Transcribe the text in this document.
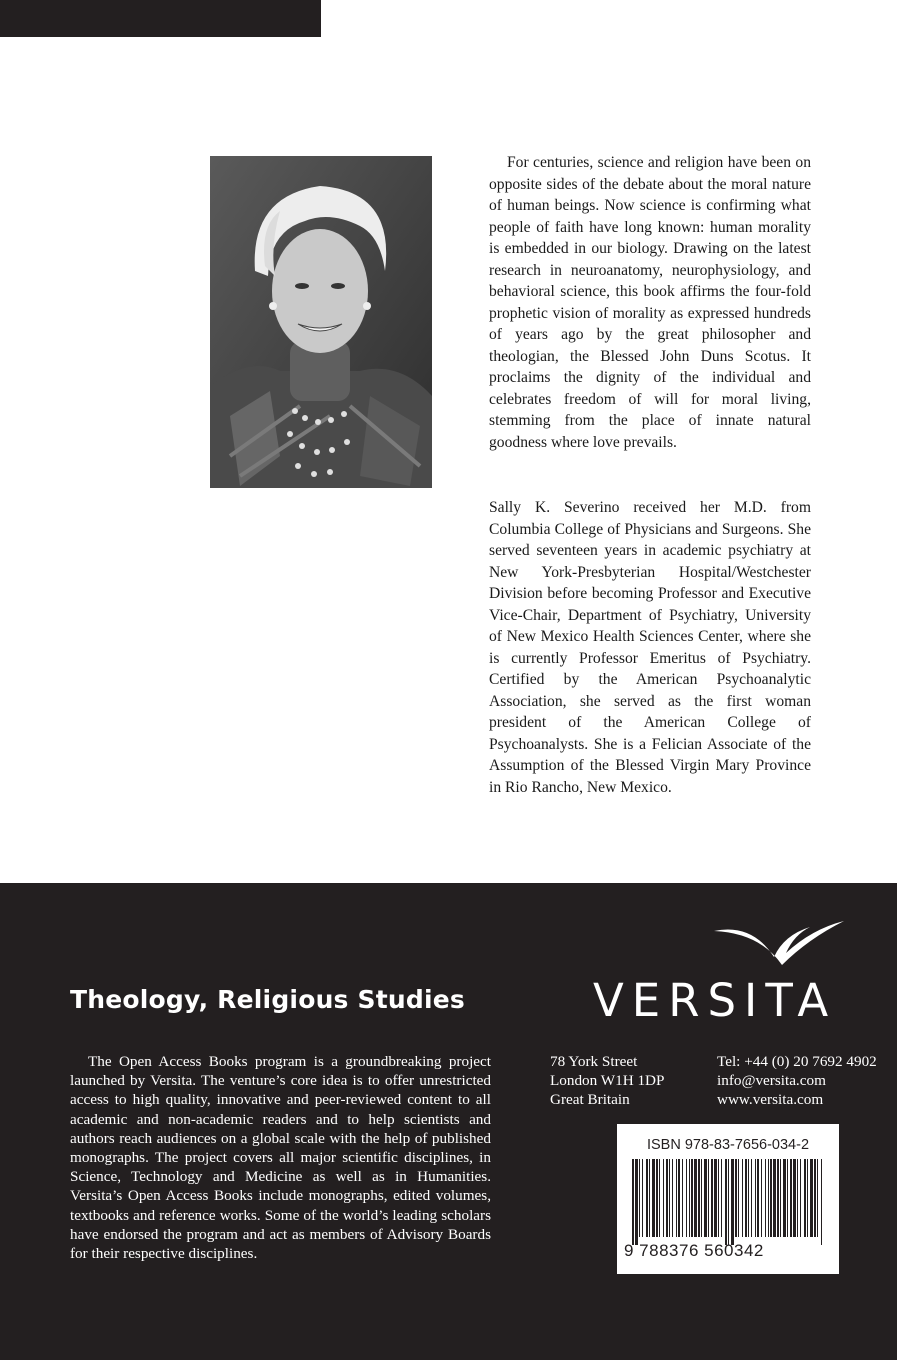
For centuries, science and religion have been on opposite sides of the debate about the moral nature of human beings. Now science is confirming what people of faith have long known: human morality is embedded in our biology. Drawing on the latest research in neuroanatomy, neurophysiology, and behavioral science, this book affirms the four-fold prophetic vision of morality as expressed hundreds of years ago by the great philosopher and theologian, the Blessed John Duns Scotus. It proclaims the dignity of the individual and celebrates freedom of will for moral living, stemming from the place of innate natural goodness where love prevails.

Sally K. Severino received her M.D. from Columbia College of Physicians and Surgeons. She served seventeen years in academic psychiatry at New York-Presbyterian Hospital/Westchester Division before becoming Professor and Executive Vice-Chair, Department of Psychiatry, University of New Mexico Health Sciences Center, where she is currently Professor Emeritus of Psychiatry. Certified by the American Psychoanalytic Association, she served as the first woman president of the American College of Psychoanalysts. She is a Felician Associate of the Assumption of the Blessed Virgin Mary Province in Rio Rancho, New Mexico.

Theology, Religious Studies	VERSITA

The Open Access Books program is a groundbreaking project launched by Versita. The venture’s core idea is to offer unrestricted access to high quality, innovative and peer-reviewed content to all academic and non-academic readers and to help scientists and authors reach audiences on a global scale with the help of published monographs. The project covers all major scientific disciplines, in Science, Technology and Medicine as well as in Humanities. Versita’s Open Access Books include monographs, edited volumes, textbooks and reference works. Some of the world’s leading scholars have endorsed the program and act as members of Advisory Boards for their respective disciplines.

78 York Street
London W1H 1DP
Great Britain
Tel: +44 (0) 20 7692 4902
info@versita.com
www.versita.com
ISBN 978-83-7656-034-2
9 788376 560342
